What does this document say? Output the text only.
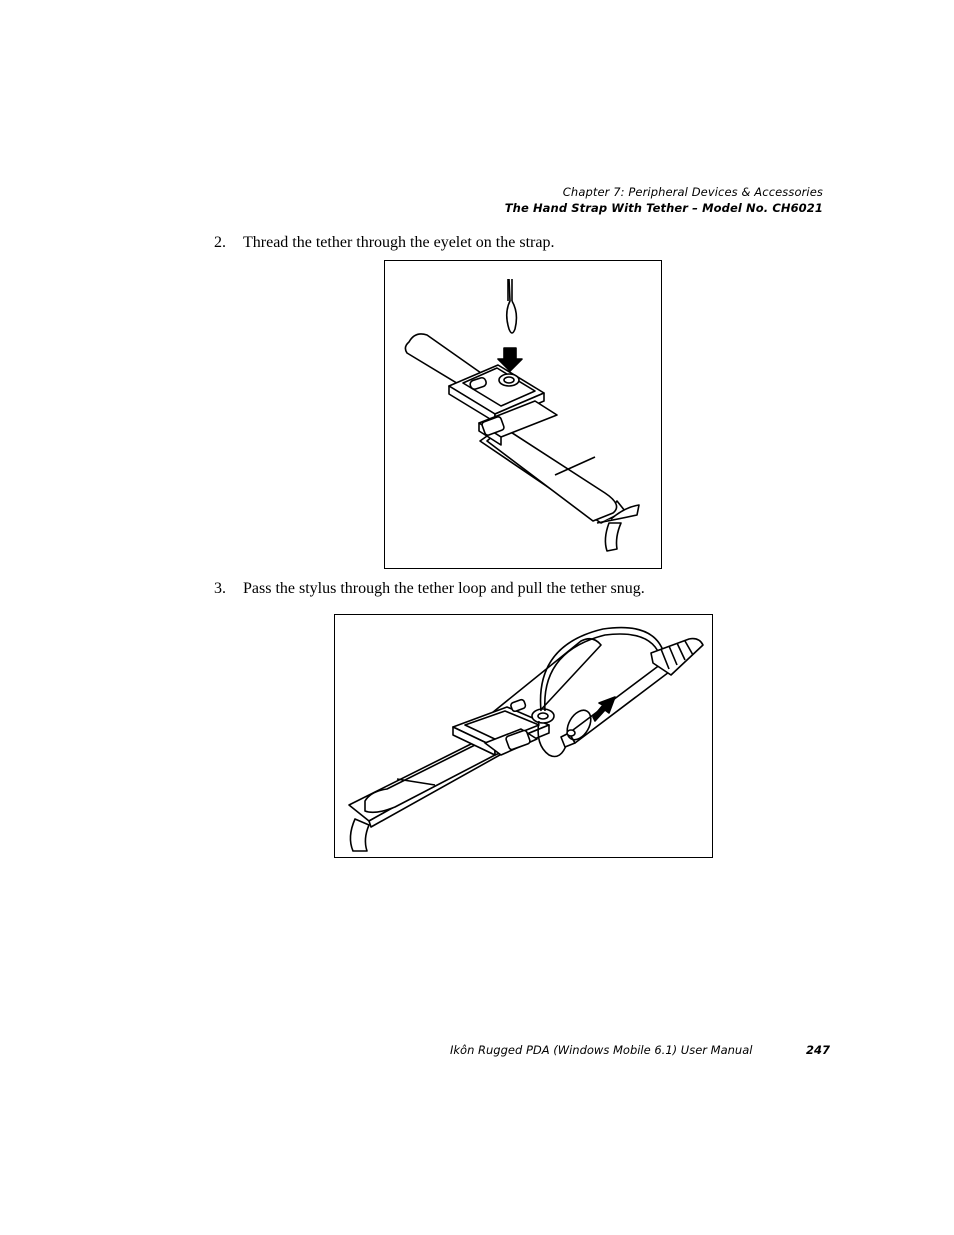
Chapter 7: Peripheral Devices & Accessories
The Hand Strap With Tether – Model No. CH6021
2. Thread the tether through the eyelet on the strap.
3. Pass the stylus through the tether loop and pull the tether snug.
Ikôn Rugged PDA (Windows Mobile 6.1) User Manual	247
